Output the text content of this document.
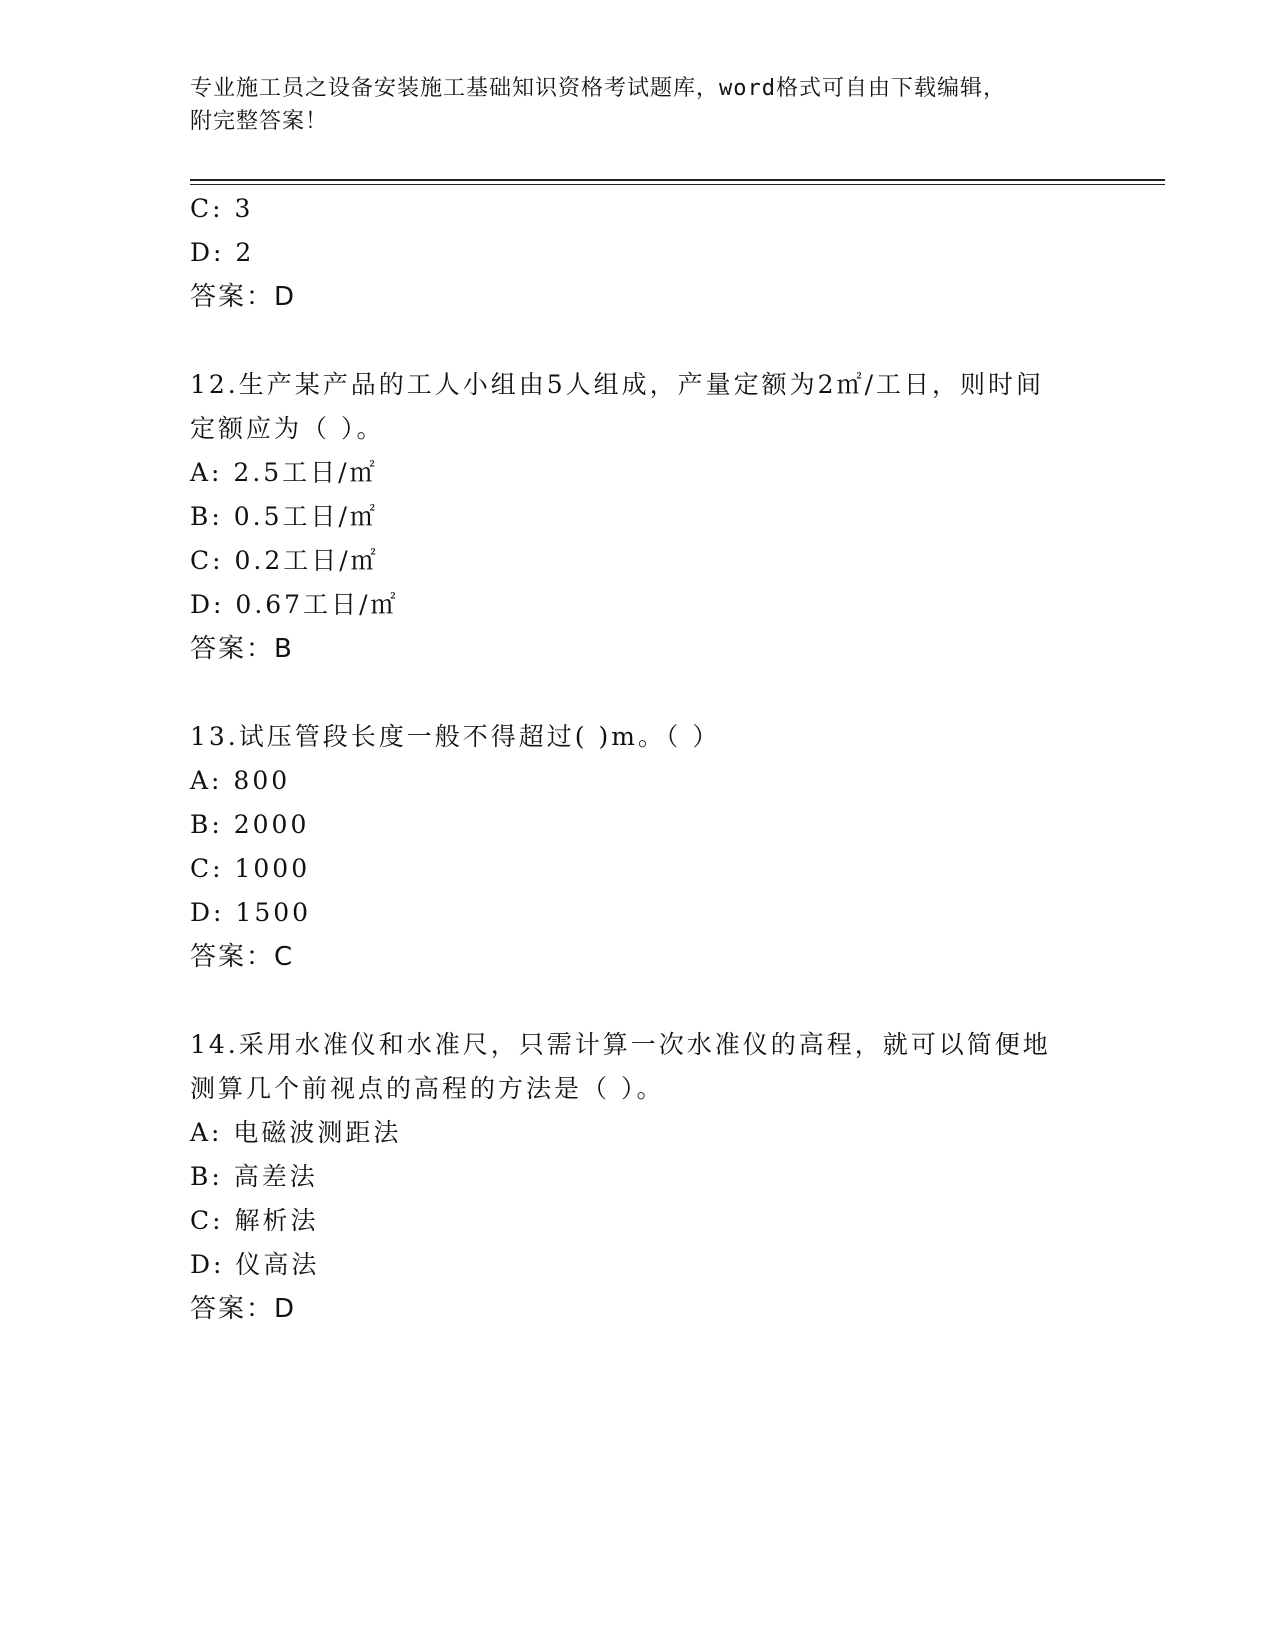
专业施工员之设备安装施工基础知识资格考试题库，word格式可自由下载编辑，
附完整答案！
C: 3
D: 2
答案：D
12.生产某产品的工人小组由5人组成，产量定额为2㎡/工日，则时间
定额应为（ ）。
A: 2.5工日/㎡
B: 0.5工日/㎡
C: 0.2工日/㎡
D: 0.67工日/㎡
答案：B
13.试压管段长度一般不得超过( )m。（ ）
A: 800
B: 2000
C: 1000
D: 1500
答案：C
14.采用水准仪和水准尺，只需计算一次水准仪的高程，就可以简便地
测算几个前视点的高程的方法是（ ）。
A: 电磁波测距法
B: 高差法
C: 解析法
D: 仪高法
答案：D
